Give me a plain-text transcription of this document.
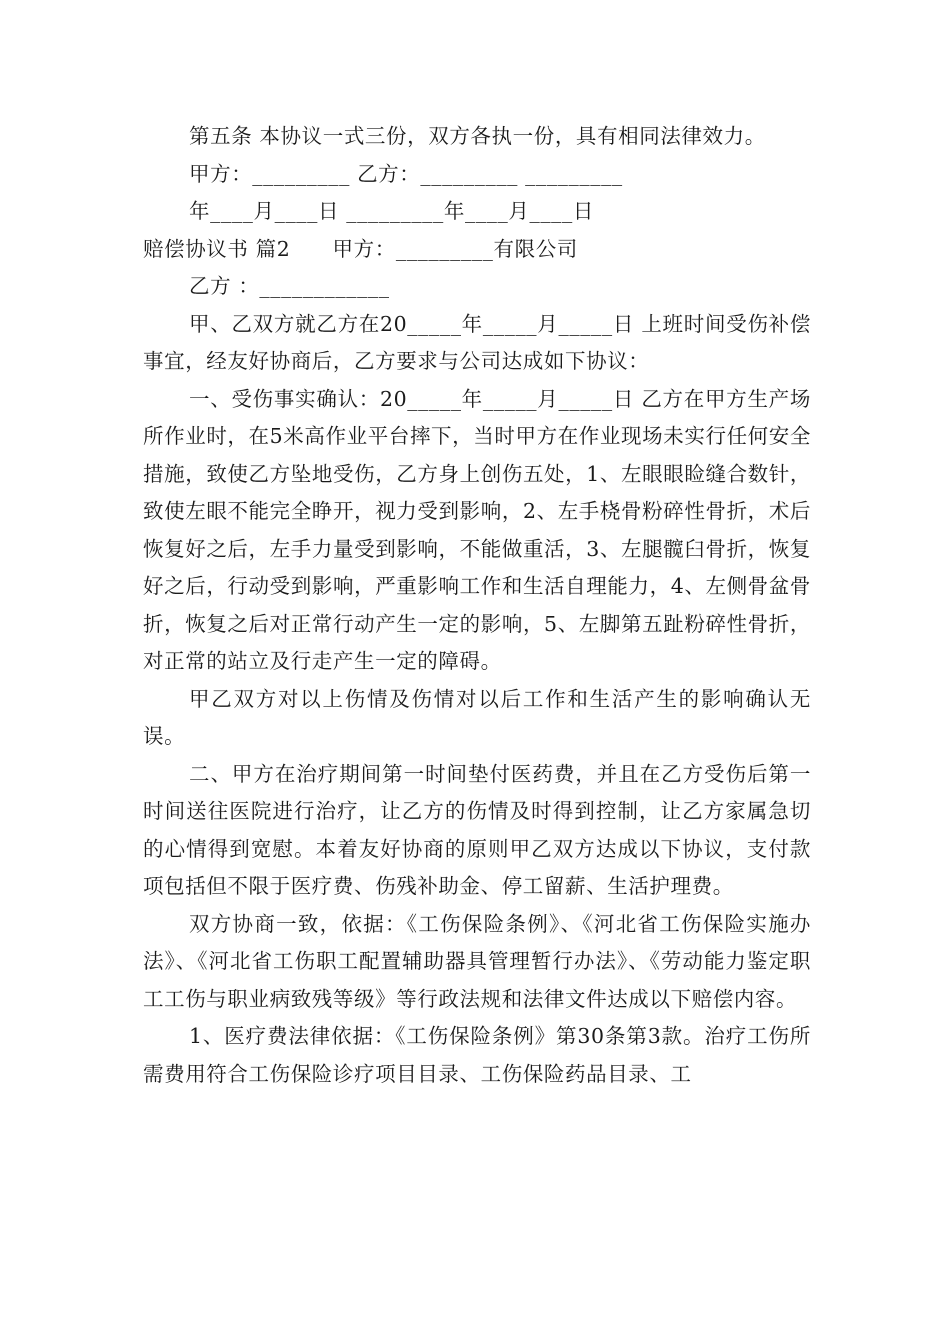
第五条 本协议一式三份，双方各执一份，具有相同法律效力。
甲方：_________ 乙方：_________ _________
年____月____日 _________年____月____日
赔偿协议书 篇2　　甲方：_________有限公司
乙方 ：____________

甲、乙双方就乙方在20_____年_____月_____日 上班时间受伤补偿事宜，经友好协商后，乙方要求与公司达成如下协议：

一、受伤事实确认：20_____年_____月_____日 乙方在甲方生产场所作业时，在5米高作业平台摔下，当时甲方在作业现场未实行任何安全措施，致使乙方坠地受伤，乙方身上创伤五处，1、左眼眼睑缝合数针，致使左眼不能完全睁开，视力受到影响，2、左手桡骨粉碎性骨折，术后恢复好之后，左手力量受到影响，不能做重活，3、左腿髋臼骨折，恢复好之后，行动受到影响，严重影响工作和生活自理能力，4、左侧骨盆骨折，恢复之后对正常行动产生一定的影响，5、左脚第五趾粉碎性骨折，对正常的站立及行走产生一定的障碍。

甲乙双方对以上伤情及伤情对以后工作和生活产生的影响确认无误。

二、甲方在治疗期间第一时间垫付医药费，并且在乙方受伤后第一时间送往医院进行治疗，让乙方的伤情及时得到控制，让乙方家属急切的心情得到宽慰。本着友好协商的原则甲乙双方达成以下协议，支付款项包括但不限于医疗费、伤残补助金、停工留薪、生活护理费。

双方协商一致，依据：《工伤保险条例》、《河北省工伤保险实施办法》、《河北省工伤职工配置辅助器具管理暂行办法》、《劳动能力鉴定职工工伤与职业病致残等级》等行政法规和法律文件达成以下赔偿内容。

1、医疗费法律依据：《工伤保险条例》第30条第3款。治疗工伤所需费用符合工伤保险诊疗项目目录、工伤保险药品目录、工
